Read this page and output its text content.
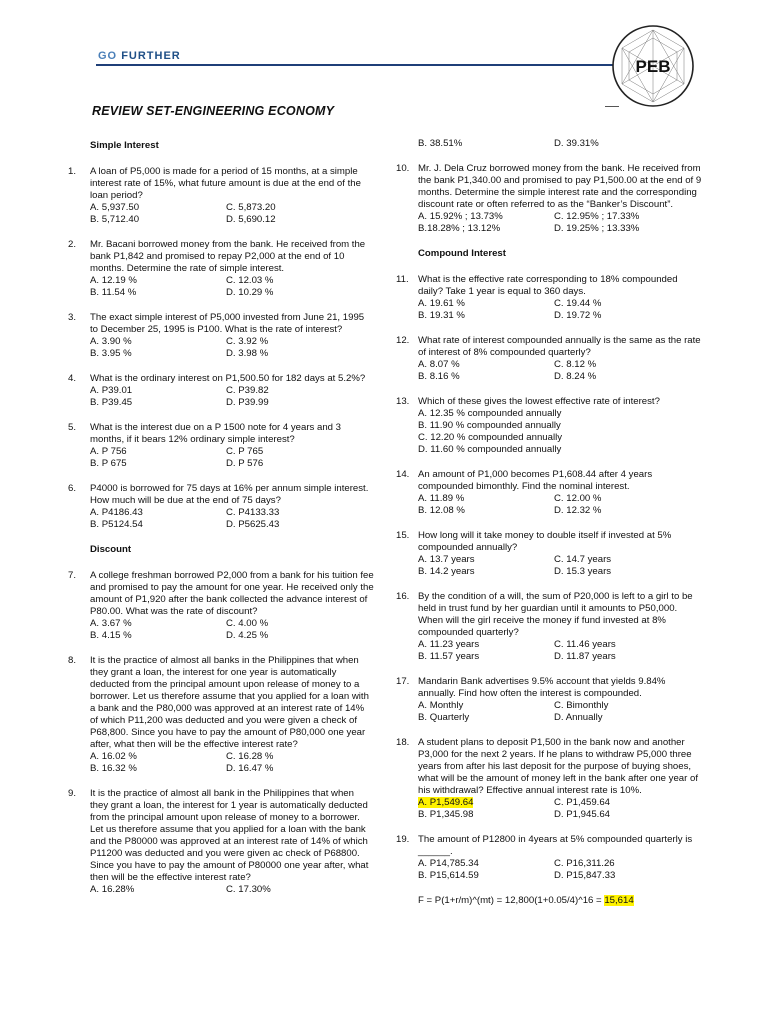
GO FURTHER
PEB
REVIEW SET-ENGINEERING ECONOMY
Simple Interest
1. A loan of P5,000 is made for a period of 15 months, at a simple interest rate of 15%, what future amount is due at the end of the loan period?
A. 5,937.50	C. 5,873.20
B. 5,712.40	D. 5,690.12
2. Mr. Bacani borrowed money from the bank. He received from the bank P1,842 and promised to repay P2,000 at the end of 10 months. Determine the rate of simple interest.
A. 12.19 %	C. 12.03 %
B. 11.54 %	D. 10.29 %
3. The exact simple interest of P5,000 invested from June 21, 1995 to December 25, 1995 is P100. What is the rate of interest?
A. 3.90 %	C. 3.92 %
B. 3.95 %	D. 3.98 %
4. What is the ordinary interest on P1,500.50 for 182 days at 5.2%?
A. P39.01	C. P39.82
B. P39.45	D. P39.99
5. What is the interest due on a P 1500 note for 4 years and 3 months, if it bears 12% ordinary simple interest?
A. P 756	C. P 765
B. P 675	D. P 576
6. P4000 is borrowed for 75 days at 16% per annum simple interest. How much will be due at the end of 75 days?
A. P4186.43	C. P4133.33
B. P5124.54	D. P5625.43
Discount
7. A college freshman borrowed P2,000 from a bank for his tuition fee and promised to pay the amount for one year. He received only the amount of P1,920 after the bank collected the advance interest of P80.00. What was the rate of discount?
A. 3.67 %	C. 4.00 %
B. 4.15 %	D. 4.25 %
8. It is the practice of almost all banks in the Philippines that when they grant a loan, the interest for one year is automatically deducted from the principal amount upon release of money to a borrower. Let us therefore assume that you applied for a loan with a bank and the P80,000 was approved at an interest rate of 14% of which P11,200 was deducted and you were given a check of P68,800. Since you have to pay the amount of P80,000 one year after, what then will be the effective interest rate?
A. 16.02 %	C. 16.28 %
B. 16.32 %	D. 16.47 %
9. It is the practice of almost all bank in the Philippines that when they grant a loan, the interest for 1 year is automatically deducted from the principal amount upon release of money to a borrower. Let us therefore assume that you applied for a loan with the bank and the P80000 was approved at an interest rate of 14% of which P11200 was deducted and you were given ac check of P68800. Since you have to pay the amount of P80000 one year after, what then will be the effective interest rate?
A. 16.28%	C. 17.30%
B. 38.51%	D. 39.31%
10. Mr. J. Dela Cruz borrowed money from the bank. He received from the bank P1,340.00 and promised to pay P1,500.00 at the end of 9 months. Determine the simple interest rate and the corresponding discount rate or often referred to as the “Banker’s Discount”.
A. 15.92% ; 13.73%	C. 12.95% ; 17.33%
B.18.28% ; 13.12%	D. 19.25% ; 13.33%
Compound Interest
11. What is the effective rate corresponding to 18% compounded daily? Take 1 year is equal to 360 days.
A. 19.61 %	C. 19.44 %
B. 19.31 %	D. 19.72 %
12. What rate of interest compounded annually is the same as the rate of interest of 8% compounded quarterly?
A. 8.07 %	C. 8.12 %
B. 8.16 %	D. 8.24 %
13. Which of these gives the lowest effective rate of interest?
A. 12.35 % compounded annually
B. 11.90 % compounded annually
C. 12.20 % compounded annually
D. 11.60 % compounded annually
14. An amount of P1,000 becomes P1,608.44 after 4 years compounded bimonthly. Find the nominal interest.
A. 11.89 %	C. 12.00 %
B. 12.08 %	D. 12.32 %
15. How long will it take money to double itself if invested at 5% compounded annually?
A. 13.7 years	C. 14.7 years
B. 14.2 years	D. 15.3 years
16. By the condition of a will, the sum of P20,000 is left to a girl to be held in trust fund by her guardian until it amounts to P50,000. When will the girl receive the money if fund invested at 8% compounded quarterly?
A. 11.23 years	C. 11.46 years
B. 11.57 years	D. 11.87 years
17. Mandarin Bank advertises 9.5% account that yields 9.84% annually. Find how often the interest is compounded.
A. Monthly	C. Bimonthly
B. Quarterly	D. Annually
18. A student plans to deposit P1,500 in the bank now and another P3,000 for the next 2 years. If he plans to withdraw P5,000 three years from after his last deposit for the purpose of buying shoes, what will be the amount of money left in the bank after one year of his withdrawal? Effective annual interest rate is 10%.
A. P1,549.64	C. P1,459.64
B. P1,345.98	D. P1,945.64
19. The amount of P12800 in 4years at 5% compounded quarterly is ______.
A. P14,785.34	C. P16,311.26
B. P15,614.59	D. P15,847.33
F = P(1+r/m)^(mt) = 12,800(1+0.05/4)^16 = 15,614
